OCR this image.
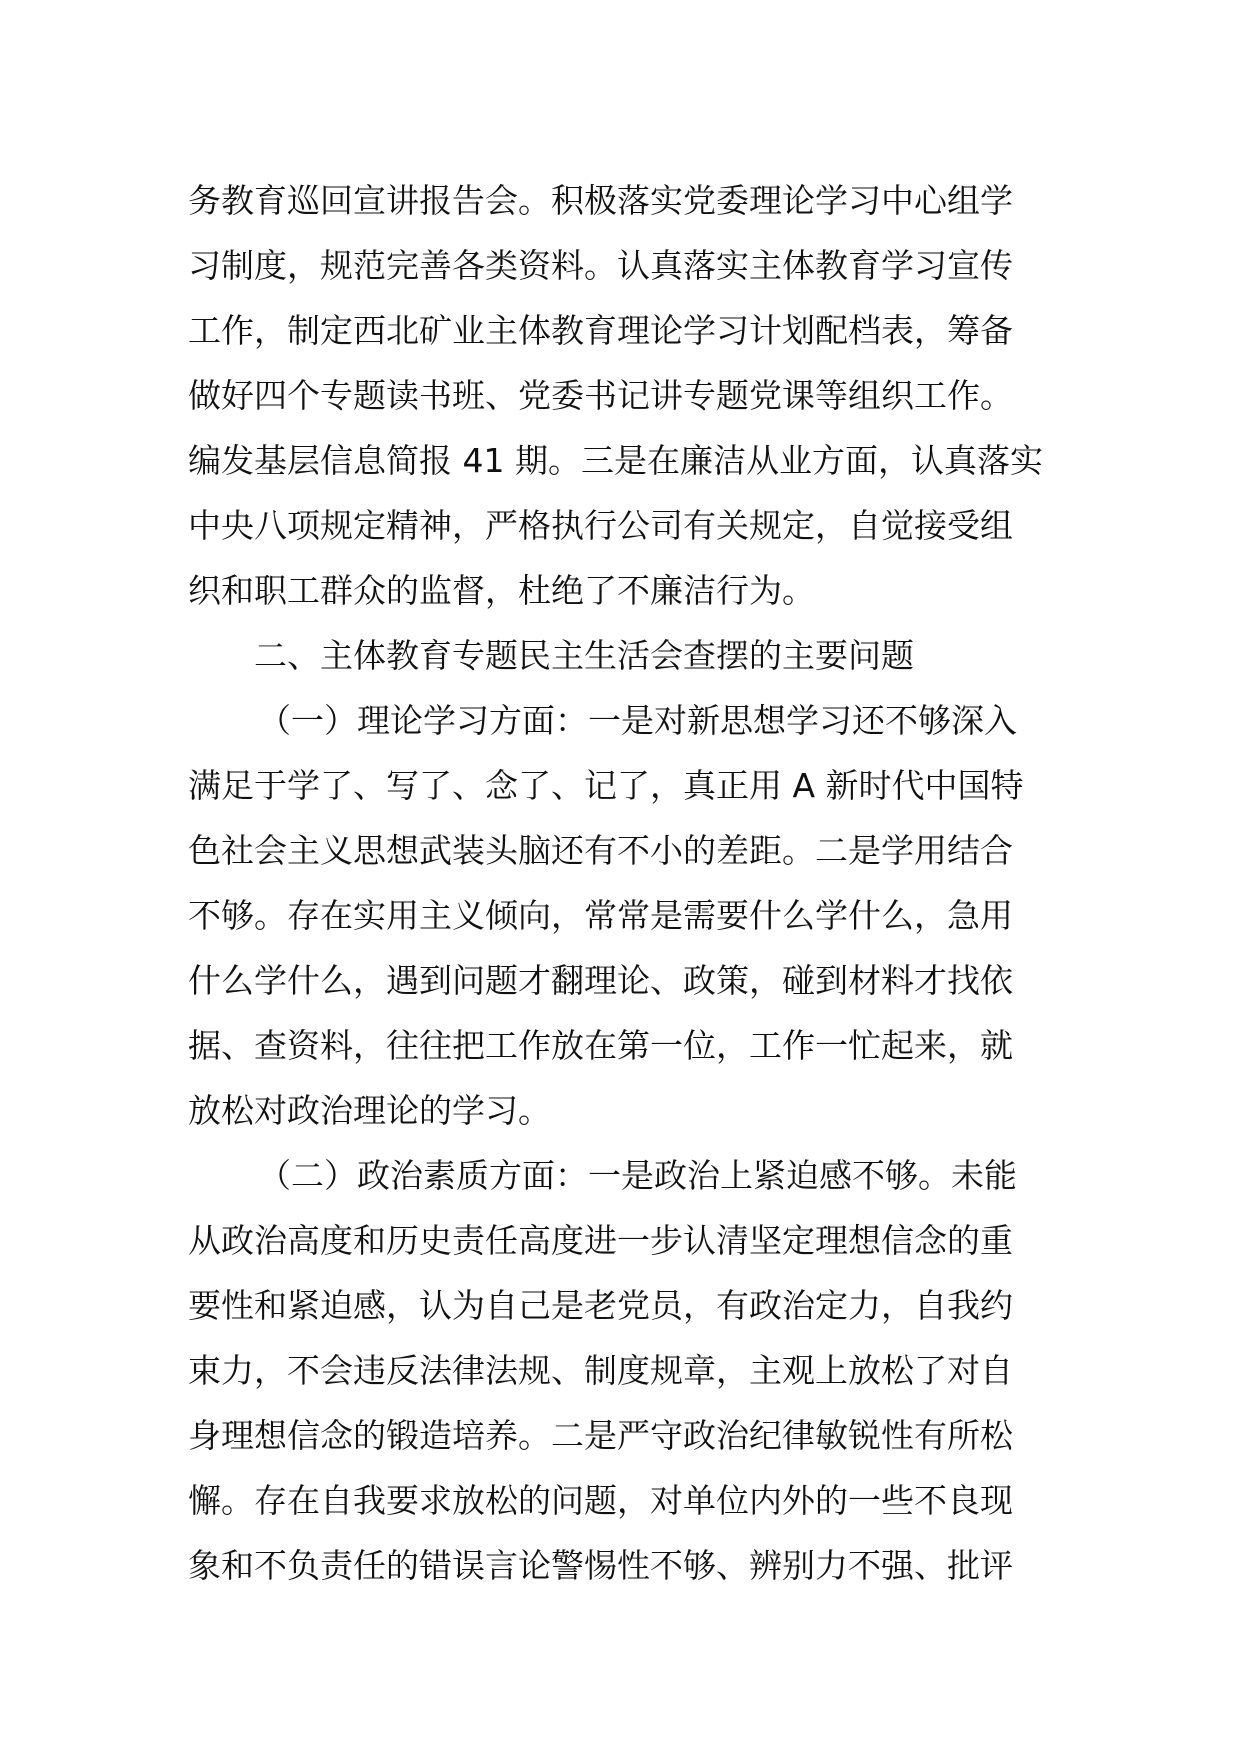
务教育巡回宣讲报告会。积极落实党委理论学习中心组学
习制度，规范完善各类资料。认真落实主体教育学习宣传
工作，制定西北矿业主体教育理论学习计划配档表，筹备
做好四个专题读书班、党委书记讲专题党课等组织工作。
编发基层信息简报 41 期。三是在廉洁从业方面，认真落实
中央八项规定精神，严格执行公司有关规定，自觉接受组
织和职工群众的监督，杜绝了不廉洁行为。
二、主体教育专题民主生活会查摆的主要问题
（一）理论学习方面：一是对新思想学习还不够深入
满足于学了、写了、念了、记了，真正用 A 新时代中国特
色社会主义思想武装头脑还有不小的差距。二是学用结合
不够。存在实用主义倾向，常常是需要什么学什么，急用
什么学什么，遇到问题才翻理论、政策，碰到材料才找依
据、查资料，往往把工作放在第一位，工作一忙起来，就
放松对政治理论的学习。
（二）政治素质方面：一是政治上紧迫感不够。未能
从政治高度和历史责任高度进一步认清坚定理想信念的重
要性和紧迫感，认为自己是老党员，有政治定力，自我约
束力，不会违反法律法规、制度规章，主观上放松了对自
身理想信念的锻造培养。二是严守政治纪律敏锐性有所松
懈。存在自我要求放松的问题，对单位内外的一些不良现
象和不负责任的错误言论警惕性不够、辨别力不强、批评
